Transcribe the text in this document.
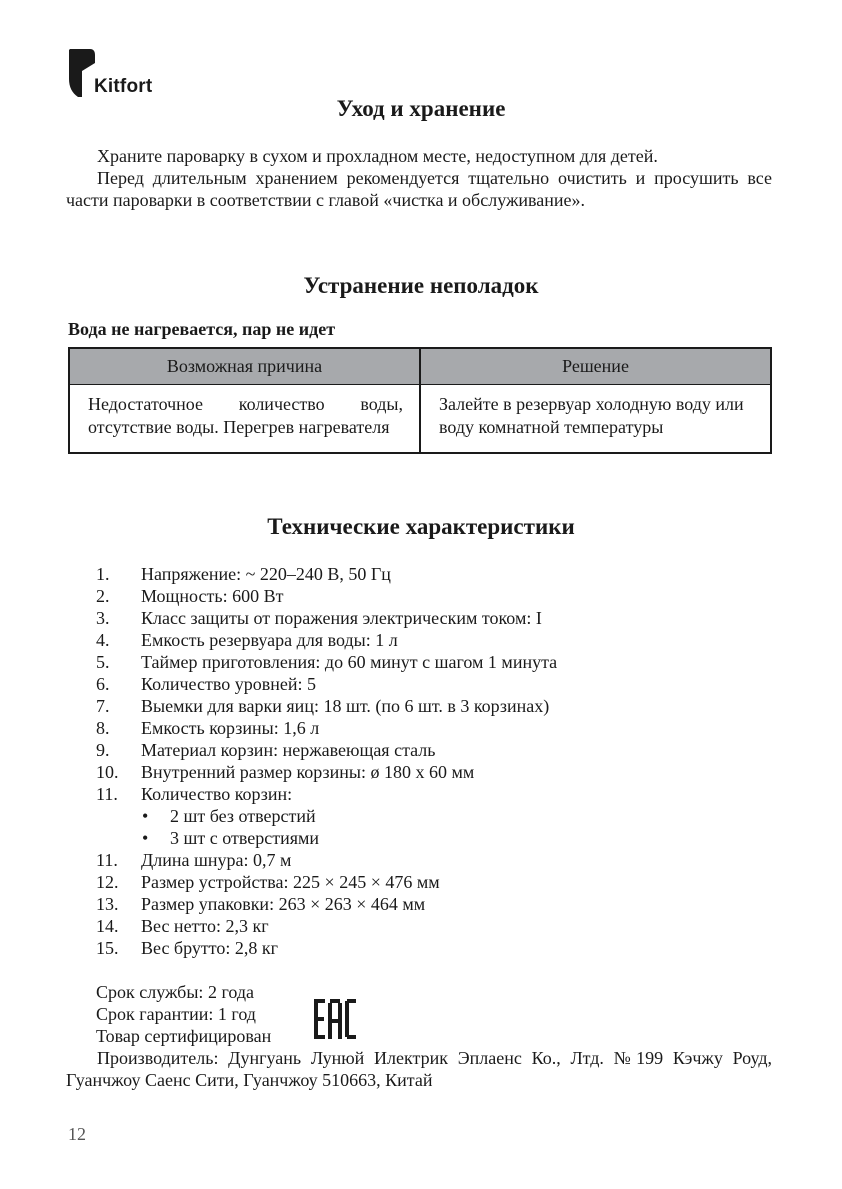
Kitfort
Уход и хранение

Храните пароварку в сухом и прохладном месте, недоступном для детей.

Перед длительным хранением рекомендуется тщательно очистить и просушить все части пароварки в соответствии с главой «чистка и обслуживание».

Устранение неполадок
Вода не нагревается, пар не идет
Возможная причина	Решение
Недостаточное количество воды, отсутствие воды. Перегрев нагревателя	Залейте в резервуар холодную воду или воду комнатной температуры
Технические характеристики
1. Напряжение: ~ 220–240 В, 50 Гц
2. Мощность: 600 Вт
3. Класс защиты от поражения электрическим током: I
4. Емкость резервуара для воды: 1 л
5. Таймер приготовления: до 60 минут с шагом 1 минута
6. Количество уровней: 5
7. Выемки для варки яиц: 18 шт. (по 6 шт. в 3 корзинах)
8. Емкость корзины: 1,6 л
9. Материал корзин: нержавеющая сталь
10. Внутренний размер корзины: ø 180 х 60 мм
11. Количество корзин:
• 2 шт без отверстий
• 3 шт с отверстиями
11. Длина шнура: 0,7 м
12. Размер устройства: 225 × 245 × 476 мм
13. Размер упаковки: 263 × 263 × 464 мм
14. Вес нетто: 2,3 кг
15. Вес брутто: 2,8 кг
Срок службы: 2 года
Срок гарантии: 1 год
Товар сертифицирован

Производитель: Дунгуань Лунюй Илектрик Эплаенс Ко., Лтд. №199 Кэчжу Роуд, Гуанчжоу Саенс Сити, Гуанчжоу 510663, Китай

12
